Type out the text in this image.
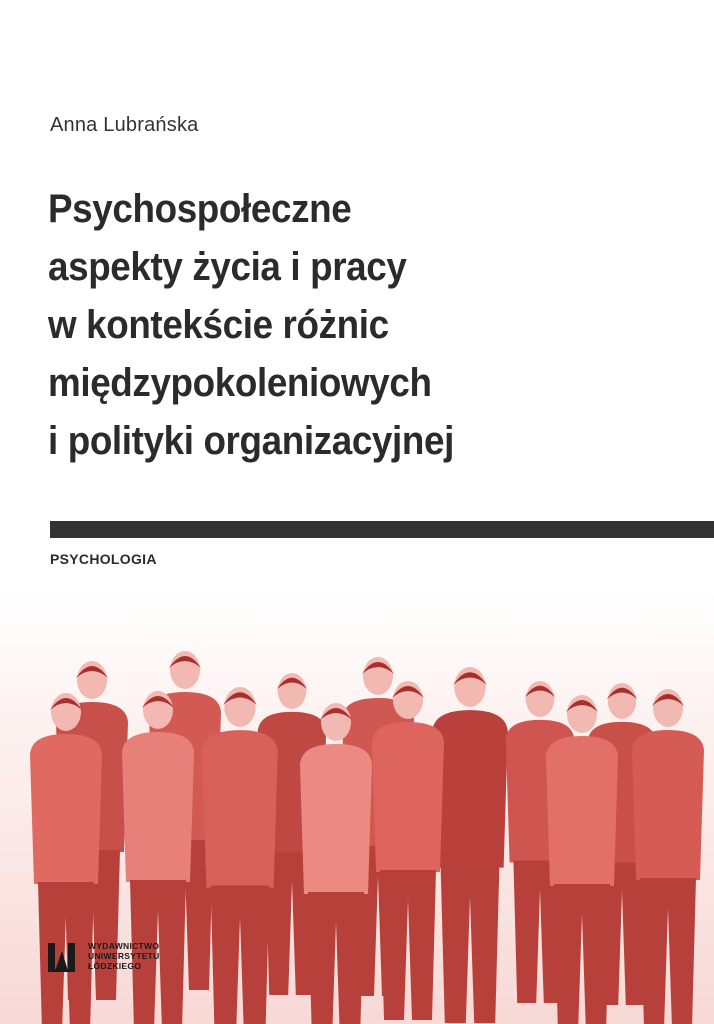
Anna Lubrańska
Psychospołeczne
aspekty życia i pracy
w kontekście różnic
międzypokoleniowych
i polityki organizacyjnej
PSYCHOLOGIA
WYDAWNICTWO
UNIWERSYTETU
ŁÓDZKIEGO
